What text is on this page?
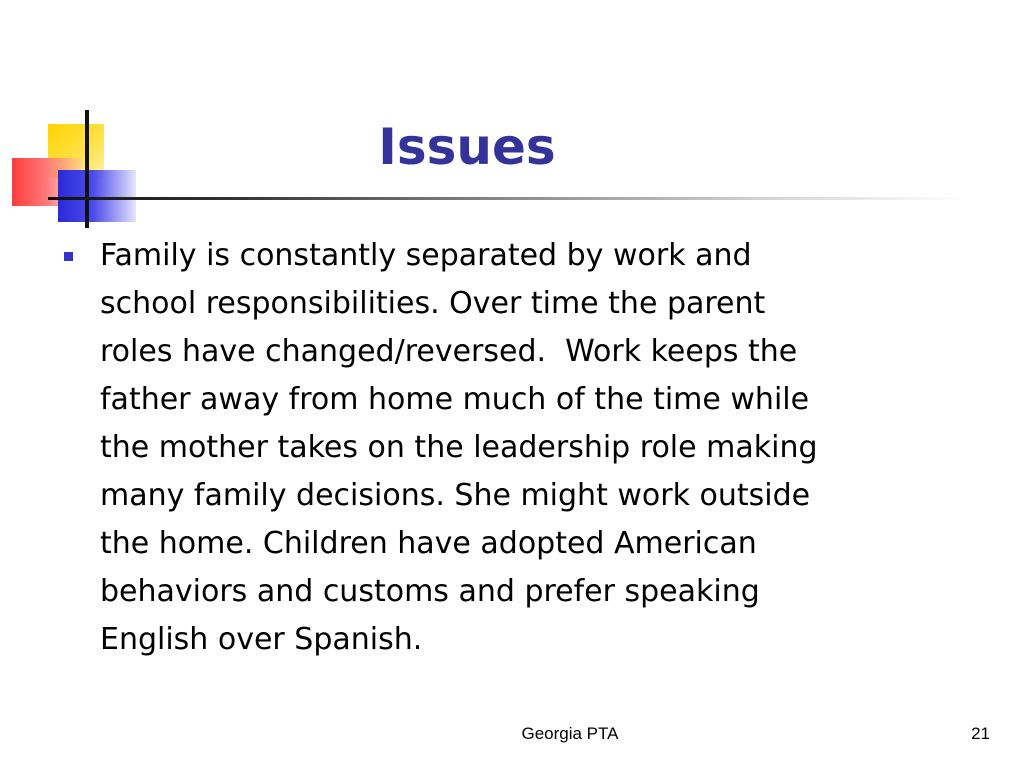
Issues

Family is constantly separated by work and
school responsibilities. Over time the parent
roles have changed/reversed.  Work keeps the
father away from home much of the time while
the mother takes on the leadership role making
many family decisions. She might work outside
the home. Children have adopted American
behaviors and customs and prefer speaking
English over Spanish.

Georgia PTA	21
